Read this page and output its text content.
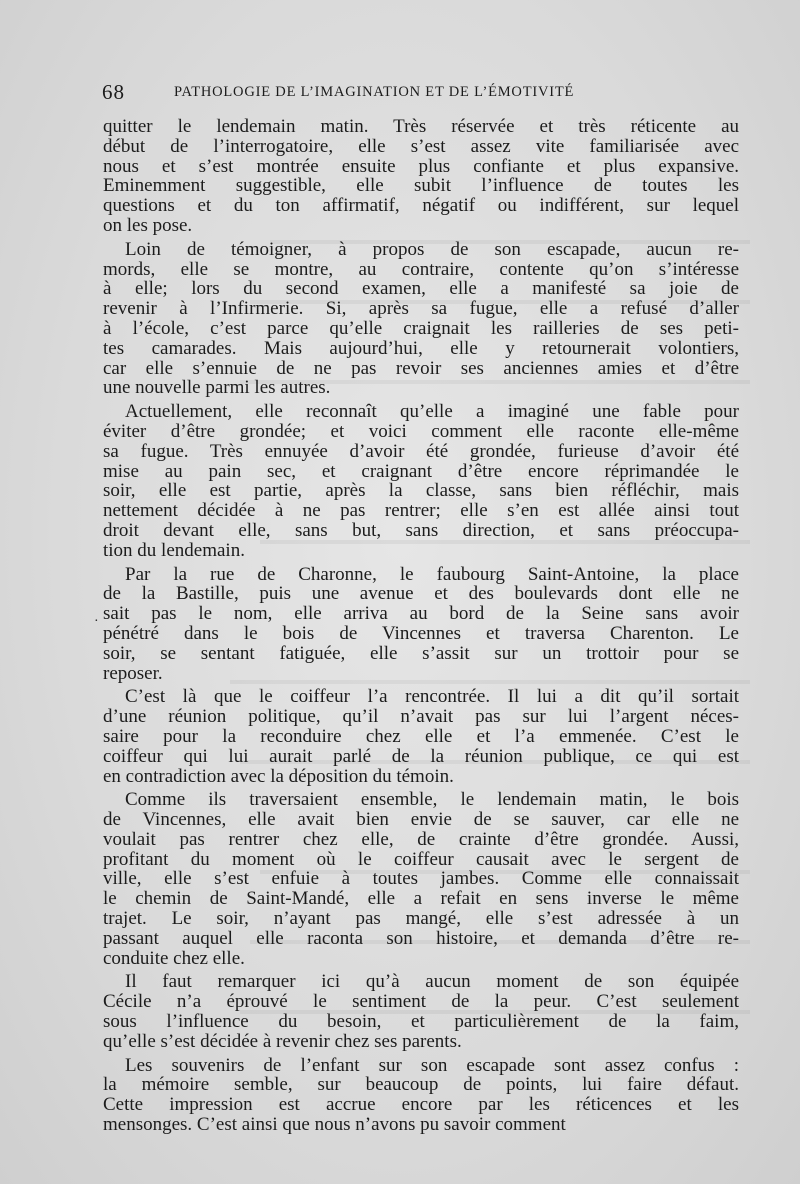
68	PATHOLOGIE DE L’IMAGINATION ET DE L’ÉMOTIVITÉ
·
quitter le lendemain matin. Très réservée et très réticente au
début de l’interrogatoire, elle s’est assez vite familiarisée avec
nous et s’est montrée ensuite plus confiante et plus expansive.
Eminemment suggestible, elle subit l’influence de toutes les
questions et du ton affirmatif, négatif ou indifférent, sur lequel
on les pose.
Loin de témoigner, à propos de son escapade, aucun re-
mords, elle se montre, au contraire, contente qu’on s’intéresse
à elle; lors du second examen, elle a manifesté sa joie de
revenir à l’Infirmerie. Si, après sa fugue, elle a refusé d’aller
à l’école, c’est parce qu’elle craignait les railleries de ses peti-
tes camarades. Mais aujourd’hui, elle y retournerait volontiers,
car elle s’ennuie de ne pas revoir ses anciennes amies et d’être
une nouvelle parmi les autres.
Actuellement, elle reconnaît qu’elle a imaginé une fable pour
éviter d’être grondée; et voici comment elle raconte elle-même
sa fugue. Très ennuyée d’avoir été grondée, furieuse d’avoir été
mise au pain sec, et craignant d’être encore réprimandée le
soir, elle est partie, après la classe, sans bien réfléchir, mais
nettement décidée à ne pas rentrer; elle s’en est allée ainsi tout
droit devant elle, sans but, sans direction, et sans préoccupa-
tion du lendemain.
Par la rue de Charonne, le faubourg Saint-Antoine, la place
de la Bastille, puis une avenue et des boulevards dont elle ne
sait pas le nom, elle arriva au bord de la Seine sans avoir
pénétré dans le bois de Vincennes et traversa Charenton. Le
soir, se sentant fatiguée, elle s’assit sur un trottoir pour se
reposer.
C’est là que le coiffeur l’a rencontrée. Il lui a dit qu’il sortait
d’une réunion politique, qu’il n’avait pas sur lui l’argent néces-
saire pour la reconduire chez elle et l’a emmenée. C’est le
coiffeur qui lui aurait parlé de la réunion publique, ce qui est
en contradiction avec la déposition du témoin.
Comme ils traversaient ensemble, le lendemain matin, le bois
de Vincennes, elle avait bien envie de se sauver, car elle ne
voulait pas rentrer chez elle, de crainte d’être grondée. Aussi,
profitant du moment où le coiffeur causait avec le sergent de
ville, elle s’est enfuie à toutes jambes. Comme elle connaissait
le chemin de Saint-Mandé, elle a refait en sens inverse le même
trajet. Le soir, n’ayant pas mangé, elle s’est adressée à un
passant auquel elle raconta son histoire, et demanda d’être re-
conduite chez elle.
Il faut remarquer ici qu’à aucun moment de son équipée
Cécile n’a éprouvé le sentiment de la peur. C’est seulement
sous l’influence du besoin, et particulièrement de la faim,
qu’elle s’est décidée à revenir chez ses parents.
Les souvenirs de l’enfant sur son escapade sont assez confus :
la mémoire semble, sur beaucoup de points, lui faire défaut.
Cette impression est accrue encore par les réticences et les
mensonges. C’est ainsi que nous n’avons pu savoir comment
